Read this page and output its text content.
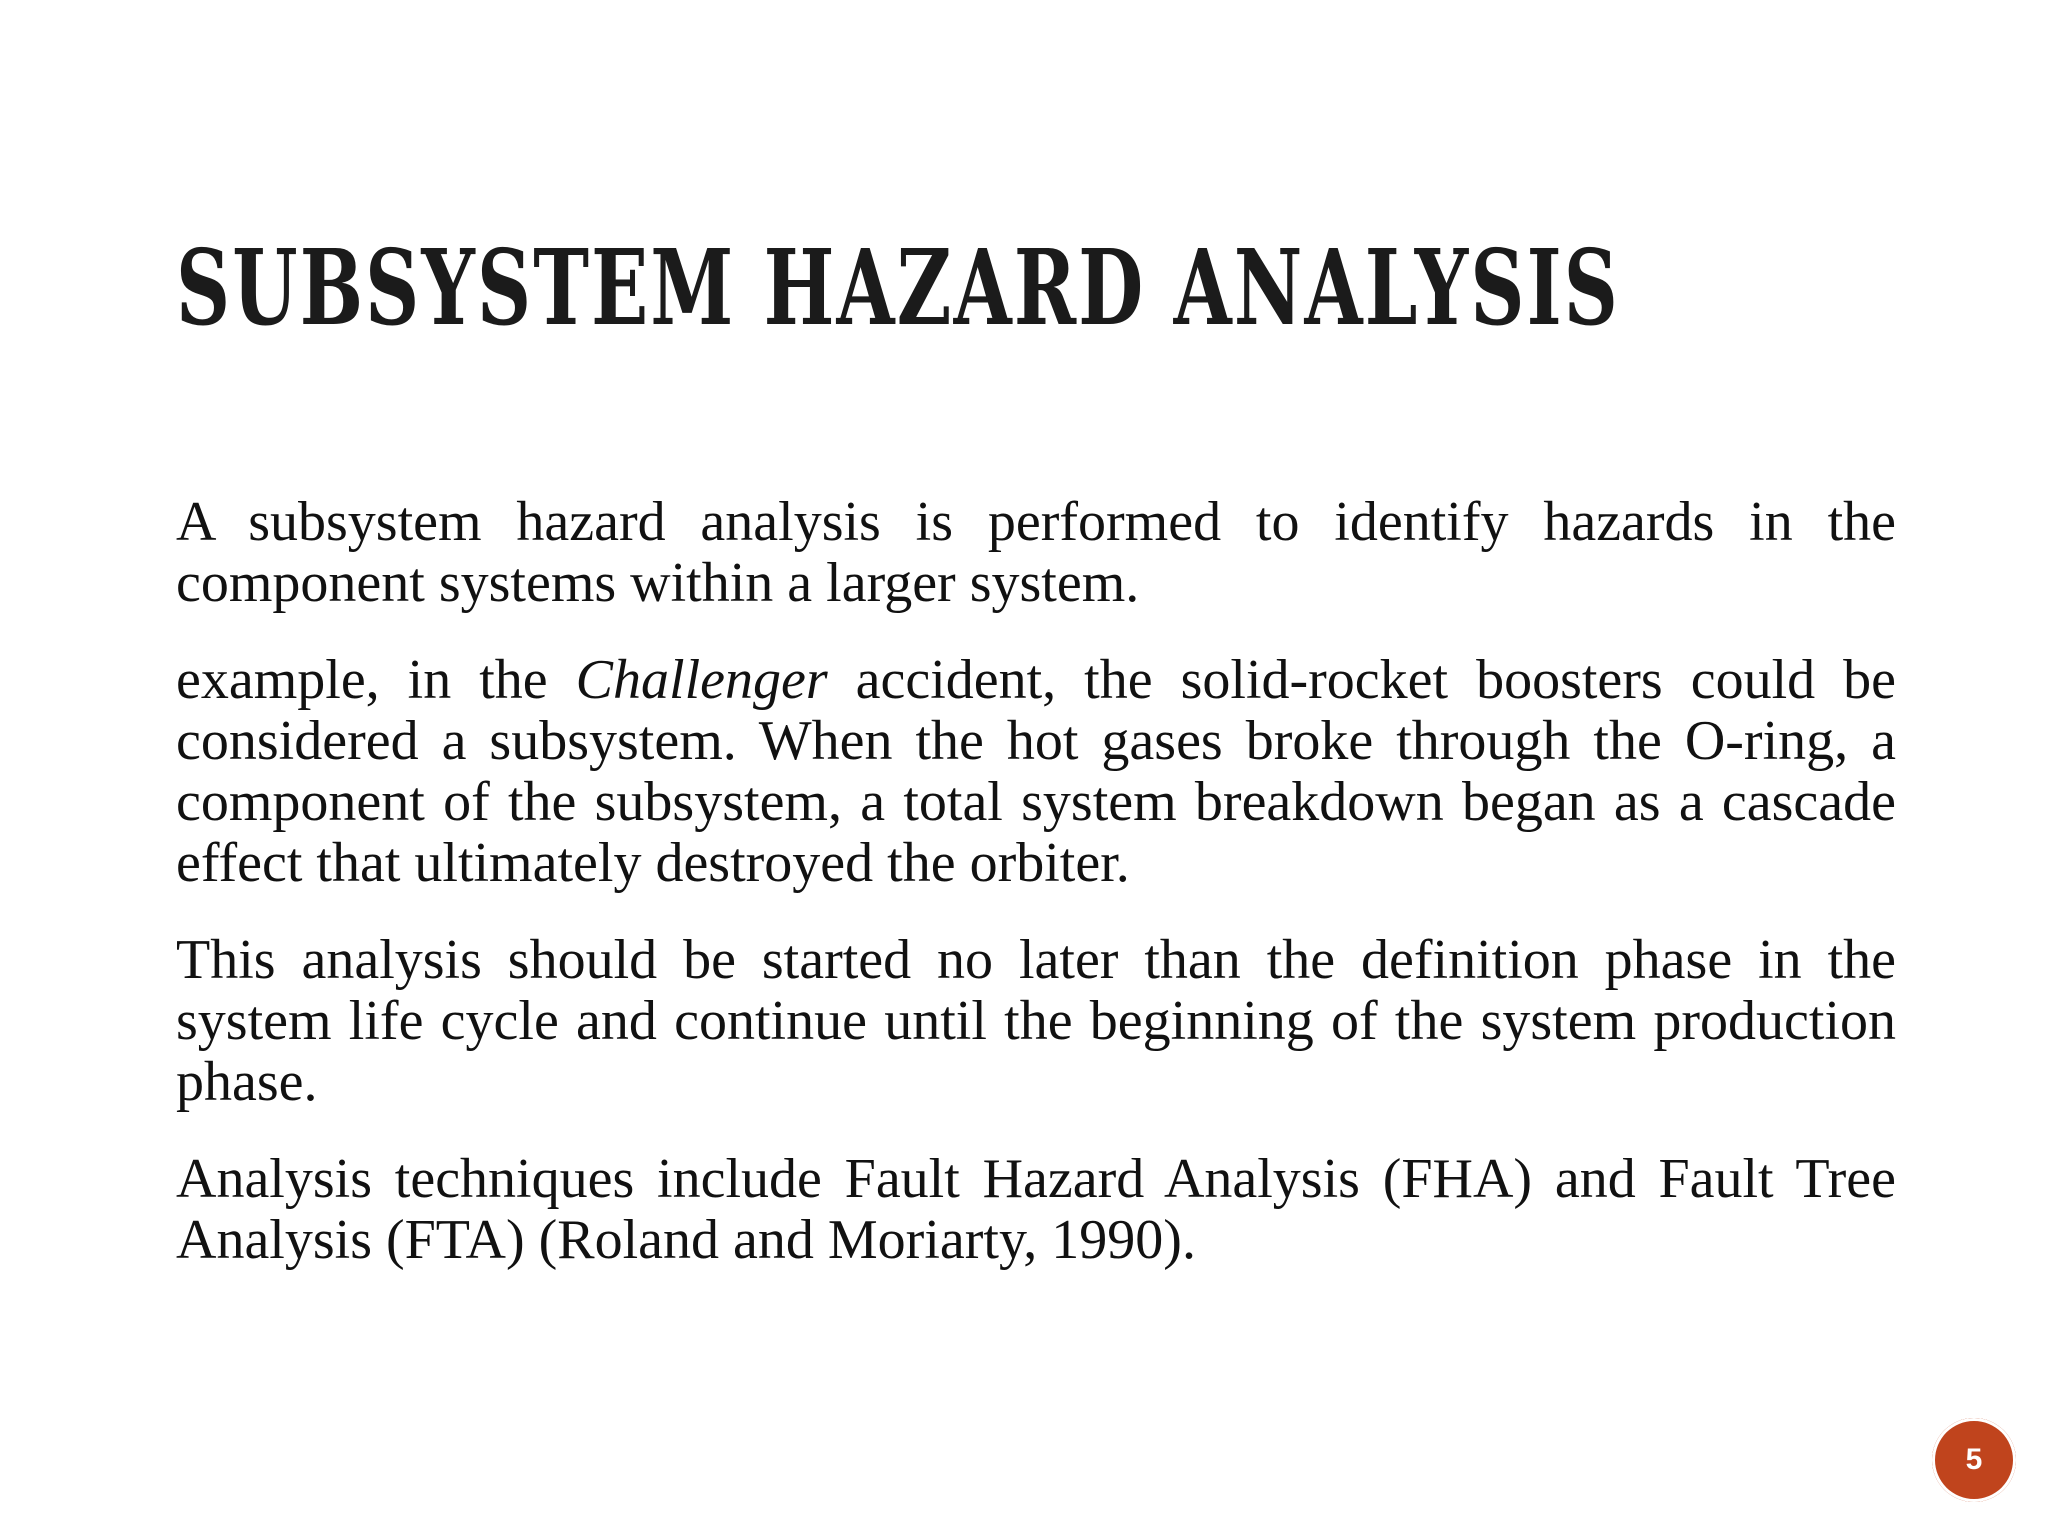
SUBSYSTEM HAZARD ANALYSIS

A subsystem hazard analysis is performed to identify hazards in the component systems within a larger system.

example, in the Challenger accident, the solid-rocket boosters could be considered a subsystem. When the hot gases broke through the O-ring, a component of the subsystem, a total system breakdown began as a cascade effect that ultimately destroyed the orbiter.

This analysis should be started no later than the definition phase in the system life cycle and continue until the beginning of the system production phase.

Analysis techniques include Fault Hazard Analysis (FHA) and Fault Tree Analysis (FTA) (Roland and Moriarty, 1990).

5
